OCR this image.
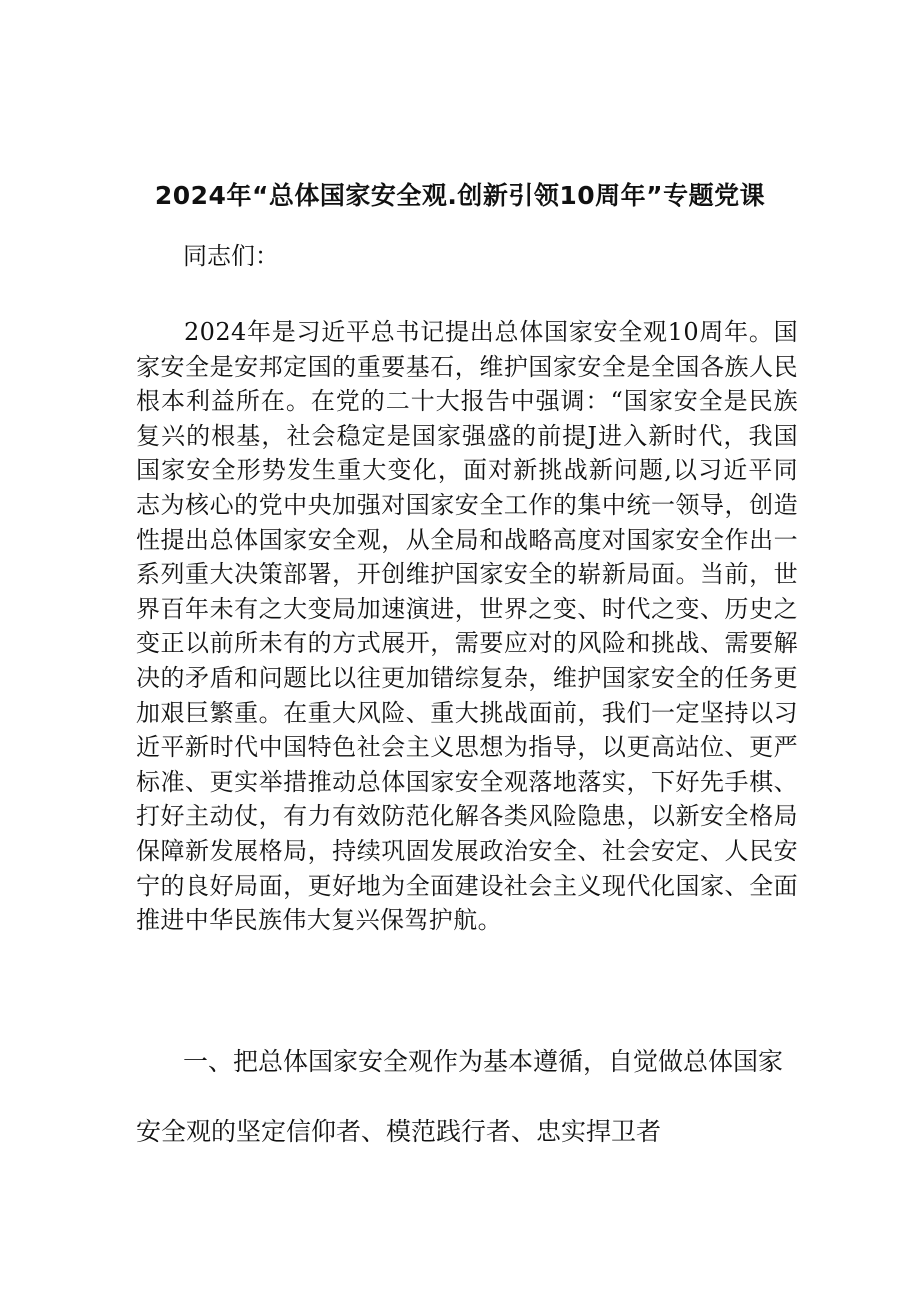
2024年“总体国家安全观.创新引领10周年”专题党课
同志们：

2024年是习近平总书记提出总体国家安全观10周年。国家安全是安邦定国的重要基石，维护国家安全是全国各族人民根本利益所在。在党的二十大报告中强调：“国家安全是民族复兴的根基，社会稳定是国家强盛的前提J进入新时代，我国国家安全形势发生重大变化，面对新挑战新问题,以习近平同志为核心的党中央加强对国家安全工作的集中统一领导，创造性提出总体国家安全观，从全局和战略高度对国家安全作出一系列重大决策部署，开创维护国家安全的崭新局面。当前，世界百年未有之大变局加速演进，世界之变、时代之变、历史之变正以前所未有的方式展开，需要应对的风险和挑战、需要解决的矛盾和问题比以往更加错综复杂，维护国家安全的任务更加艰巨繁重。在重大风险、重大挑战面前，我们一定坚持以习近平新时代中国特色社会主义思想为指导，以更高站位、更严标准、更实举措推动总体国家安全观落地落实，下好先手棋、打好主动仗，有力有效防范化解各类风险隐患，以新安全格局保障新发展格局，持续巩固发展政治安全、社会安定、人民安宁的良好局面，更好地为全面建设社会主义现代化国家、全面推进中华民族伟大复兴保驾护航。

一、把总体国家安全观作为基本遵循，自觉做总体国家
安全观的坚定信仰者、模范践行者、忠实捍卫者
